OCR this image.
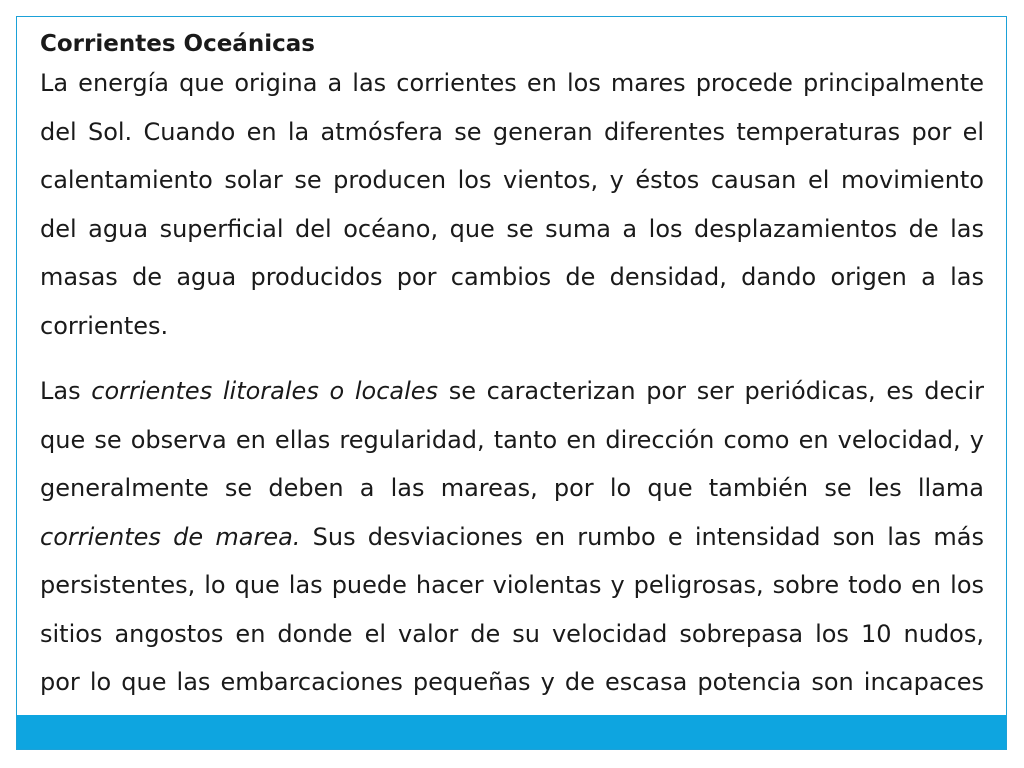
Corrientes Oceánicas

La energía que origina a las corrientes en los mares procede principalmente del Sol. Cuando en la atmósfera se generan diferentes temperaturas por el calentamiento solar se producen los vientos, y éstos causan el movimiento del agua superficial del océano, que se suma a los desplazamientos de las masas de agua producidos por cambios de densidad, dando origen a las corrientes.

Las corrientes litorales o locales se caracterizan por ser periódicas, es decir que se observa en ellas regularidad, tanto en dirección como en velocidad, y generalmente se deben a las mareas, por lo que también se les llama corrientes de marea. Sus desviaciones en rumbo e intensidad son las más persistentes, lo que las puede hacer violentas y peligrosas, sobre todo en los sitios angostos en donde el valor de su velocidad sobrepasa los 10 nudos, por lo que las embarcaciones pequeñas y de escasa potencia son incapaces
